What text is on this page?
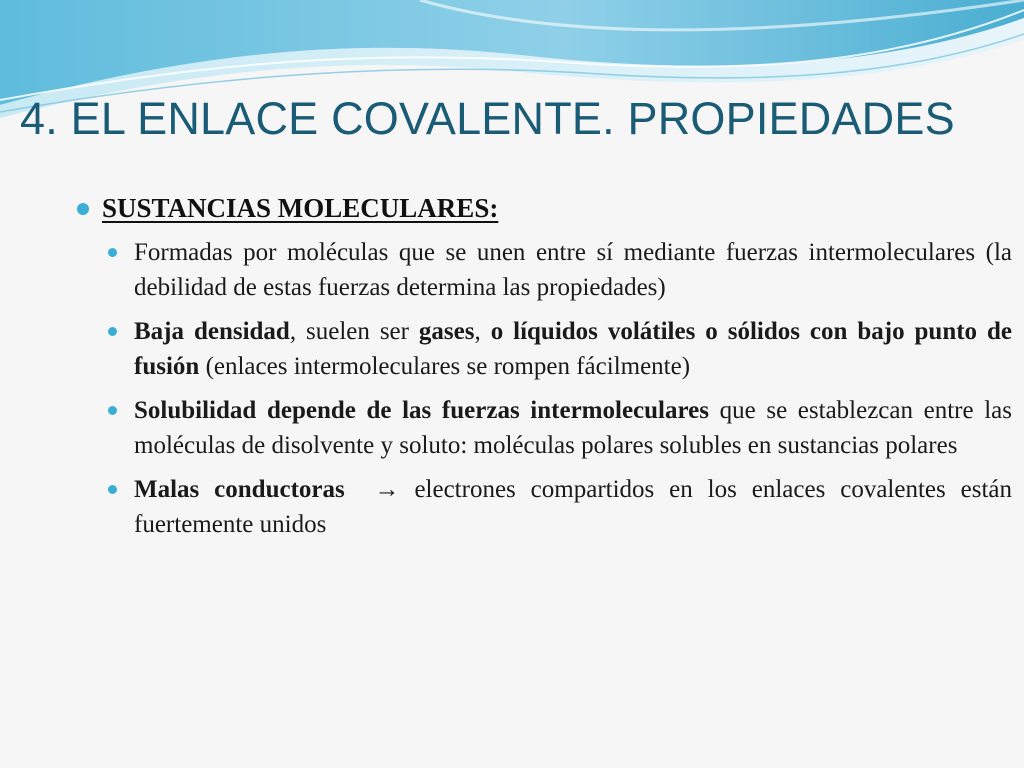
4. EL ENLACE COVALENTE. PROPIEDADES
SUSTANCIAS MOLECULARES:
Formadas por moléculas que se unen entre sí mediante fuerzas intermoleculares (la debilidad de estas fuerzas determina las propiedades)
Baja densidad, suelen ser gases, o líquidos volátiles o sólidos con bajo punto de fusión (enlaces intermoleculares se rompen fácilmente)
Solubilidad depende de las fuerzas intermoleculares que se establezcan entre las moléculas de disolvente y soluto: moléculas polares solubles en sustancias polares
Malas conductoras → electrones compartidos en los enlaces covalentes están fuertemente unidos
